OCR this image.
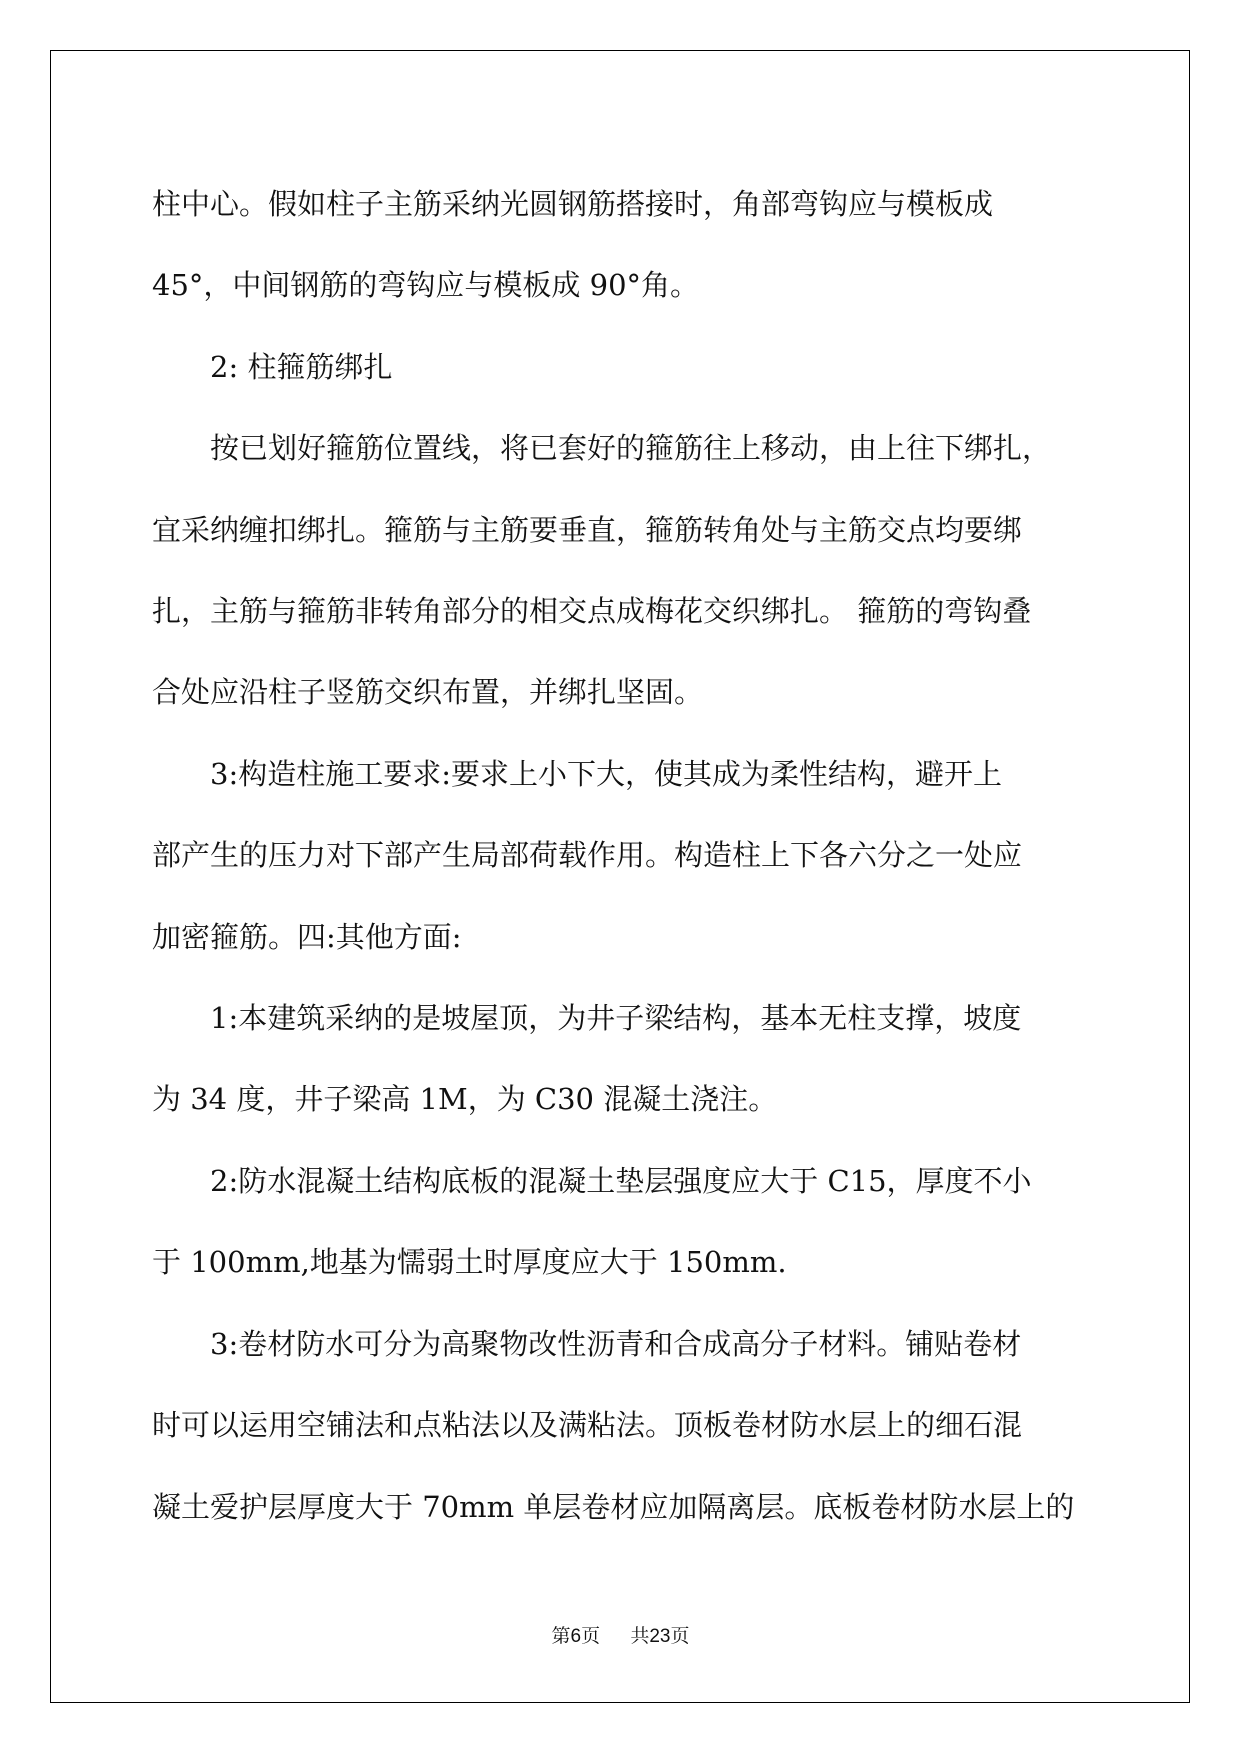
柱中心。假如柱子主筋采纳光圆钢筋搭接时，角部弯钩应与模板成

45°，中间钢筋的弯钩应与模板成 90°角。

2: 柱箍筋绑扎

按已划好箍筋位置线，将已套好的箍筋往上移动，由上往下绑扎，

宜采纳缠扣绑扎。箍筋与主筋要垂直，箍筋转角处与主筋交点均要绑

扎，主筋与箍筋非转角部分的相交点成梅花交织绑扎。 箍筋的弯钩叠

合处应沿柱子竖筋交织布置，并绑扎坚固。

3:构造柱施工要求:要求上小下大，使其成为柔性结构，避开上

部产生的压力对下部产生局部荷载作用。构造柱上下各六分之一处应

加密箍筋。四:其他方面:

1:本建筑采纳的是坡屋顶，为井子梁结构，基本无柱支撑，坡度

为 34 度，井子梁高 1M，为 C30 混凝土浇注。

2:防水混凝土结构底板的混凝土垫层强度应大于 C15，厚度不小

于 100mm,地基为懦弱土时厚度应大于 150mm.

3:卷材防水可分为高聚物改性沥青和合成高分子材料。铺贴卷材

时可以运用空铺法和点粘法以及满粘法。顶板卷材防水层上的细石混

凝土爱护层厚度大于 70mm 单层卷材应加隔离层。底板卷材防水层上的

第6页 共23页
